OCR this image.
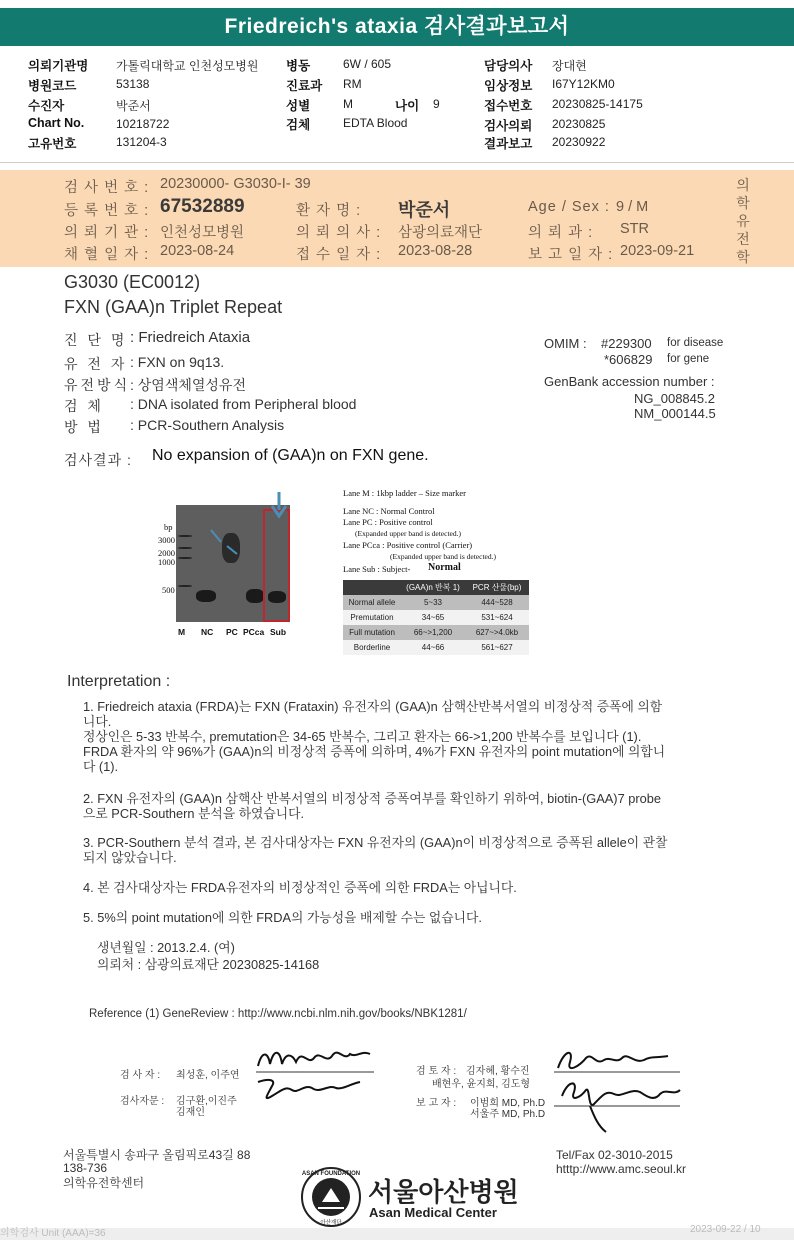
Friedreich's ataxia 검사결과보고서
의뢰기관명 가톨릭대학교 인천성모병원
병원코드	53138
수진자	박준서
Chart No.	10218722
고유번호	131204-3
병동	6W / 605
진료과 RM
성별	M	나이 9
검체	EDTA Blood
담당의사 장대현
임상정보 I67Y12KM0
접수번호 20230825-14175
검사의뢰 20230825
결과보고 20230922
검 사 번 호 : 20230000- G3030-I- 39
등 록 번 호 : 67532889	환 자 명 : 박준서	Age / Sex : 9 / M
의 뢰 기 관 : 인천성모병원	의 뢰 의 사 : 삼광의료재단	의 뢰 과 : STR
채 혈 일 자 : 2023-08-24	접 수 일 자 : 2023-08-28	보 고 일 자 : 2023-09-21
의
학
유
전
학
G3030 (EC0012)
FXN (GAA)n Triplet Repeat
진 단 명 : Friedreich Ataxia
유 전 자 : FXN on 9q13.
유전방식 : 상염색체열성유전
검 체 : DNA isolated from Peripheral blood
방 법 : PCR-Southern Analysis
OMIM : #229300 for disease
*606829 for gene
GenBank accession number :
NG_008845.2
NM_000144.5
검사결과 : No expansion of (GAA)n on FXN gene.
bp
3000
2000
1000
500
M NC PC PCca Sub
Lane M : 1kbp ladder – Size marker
Lane NC : Normal Control
Lane PC : Positive control
(Expanded upper band is detected.)
Lane PCca : Positive control (Carrier)
(Expanded upper band is detected.)
Lane Sub : Subject- Normal
	(GAA)n 반복 1)	PCR 산물(bp)
Normal allele	5~33	444~528
Premutation	34~65	531~624
Full mutation	66~>1,200	627~>4.0kb
Borderline	44~66	561~627
Interpretation :
1. Friedreich ataxia (FRDA)는 FXN (Frataxin) 유전자의 (GAA)n 삼핵산반복서열의 비정상적 증폭에 의함
니다.
정상인은 5-33 반복수, premutation은 34-65 반복수, 그리고 환자는 66->1,200 반복수를 보입니다 (1).
FRDA 환자의 약 96%가 (GAA)n의 비정상적 증폭에 의하며, 4%가 FXN 유전자의 point mutation에 의합니
다 (1).
2. FXN 유전자의 (GAA)n 삼핵산 반복서열의 비정상적 증폭여부를 확인하기 위하여, biotin-(GAA)7 probe
으로 PCR-Southern 분석을 하였습니다.
3. PCR-Southern 분석 결과, 본 검사대상자는 FXN 유전자의 (GAA)n이 비정상적으로 증폭된 allele이 관찰
되지 않았습니다.
4. 본 검사대상자는 FRDA유전자의 비정상적인 증폭에 의한 FRDA는 아닙니다.
5. 5%의 point mutation에 의한 FRDA의 가능성을 배제할 수는 없습니다.
생년월일 : 2013.2.4. (여)
의뢰처 : 삼광의료재단 20230825-14168
Reference (1) GeneReview : http://www.ncbi.nlm.nih.gov/books/NBK1281/
검 사 자 : 최성훈, 이주연
검사자문 : 김구환,이진주
김재인
검 토 자 : 김자혜, 황수진
배현우, 윤지희, 김도형
보 고 자 : 이범희 MD, Ph.D
서울주 MD, Ph.D
서울특별시 송파구 올림픽로43길 88
138-736
의학유전학센터
Tel/Fax 02-3010-2015
htttp://www.amc.seoul.kr
ASAN FOUNDATION
아산재단
서울아산병원
Asan Medical Center
의학검사 Unit (AAA)=36	2023-09-22 / 10
